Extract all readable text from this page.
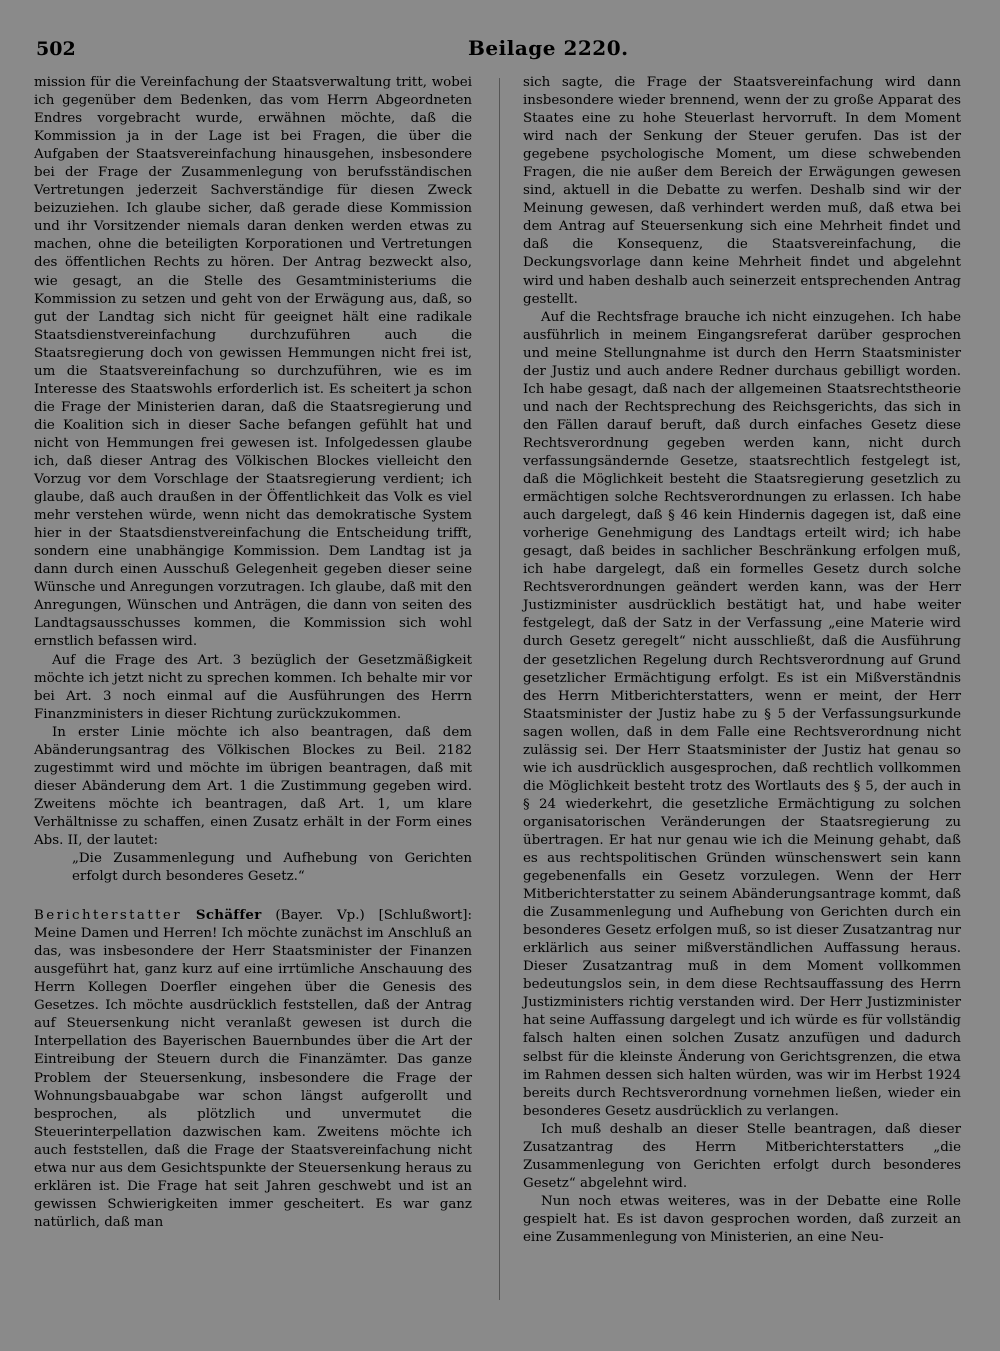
502	Beilage 2220.

mission für die Vereinfachung der Staatsverwaltung tritt, wobei ich gegenüber dem Bedenken, das vom Herrn Abgeordneten Endres vorgebracht wurde, erwähnen möchte, daß die Kommission ja in der Lage ist bei Fragen, die über die Aufgaben der Staatsvereinfachung hinausgehen, insbesondere bei der Frage der Zusammenlegung von berufsständischen Vertretungen jederzeit Sachverständige für diesen Zweck beizuziehen. Ich glaube sicher, daß gerade diese Kommission und ihr Vorsitzender niemals daran denken werden etwas zu machen, ohne die beteiligten Korporationen und Vertretungen des öffentlichen Rechts zu hören. Der Antrag bezweckt also, wie gesagt, an die Stelle des Gesamtministeriums die Kommission zu setzen und geht von der Erwägung aus, daß, so gut der Landtag sich nicht für geeignet hält eine radikale Staatsdienstvereinfachung durchzuführen auch die Staatsregierung doch von gewissen Hemmungen nicht frei ist, um die Staatsvereinfachung so durchzuführen, wie es im Interesse des Staatswohls erforderlich ist. Es scheitert ja schon die Frage der Ministerien daran, daß die Staatsregierung und die Koalition sich in dieser Sache befangen gefühlt hat und nicht von Hemmungen frei gewesen ist. Infolgedessen glaube ich, daß dieser Antrag des Völkischen Blockes vielleicht den Vorzug vor dem Vorschlage der Staatsregierung verdient; ich glaube, daß auch draußen in der Öffentlichkeit das Volk es viel mehr verstehen würde, wenn nicht das demokratische System hier in der Staatsdienstvereinfachung die Entscheidung trifft, sondern eine unabhängige Kommission. Dem Landtag ist ja dann durch einen Ausschuß Gelegenheit gegeben dieser seine Wünsche und Anregungen vorzutragen. Ich glaube, daß mit den Anregungen, Wünschen und Anträgen, die dann von seiten des Landtagsausschusses kommen, die Kommission sich wohl ernstlich befassen wird.

Auf die Frage des Art. 3 bezüglich der Gesetzmäßigkeit möchte ich jetzt nicht zu sprechen kommen. Ich behalte mir vor bei Art. 3 noch einmal auf die Ausführungen des Herrn Finanzministers in dieser Richtung zurückzukommen.

In erster Linie möchte ich also beantragen, daß dem Abänderungsantrag des Völkischen Blockes zu Beil. 2182 zugestimmt wird und möchte im übrigen beantragen, daß mit dieser Abänderung dem Art. 1 die Zustimmung gegeben wird. Zweitens möchte ich beantragen, daß Art. 1, um klare Verhältnisse zu schaffen, einen Zusatz erhält in der Form eines Abs. II, der lautet:

„Die Zusammenlegung und Aufhebung von Gerichten erfolgt durch besonderes Gesetz.“

Berichterstatter Schäffer (Bayer. Vp.) [Schlußwort]: Meine Damen und Herren! Ich möchte zunächst im Anschluß an das, was insbesondere der Herr Staatsminister der Finanzen ausgeführt hat, ganz kurz auf eine irrtümliche Anschauung des Herrn Kollegen Doerfler eingehen über die Genesis des Gesetzes. Ich möchte ausdrücklich feststellen, daß der Antrag auf Steuersenkung nicht veranlaßt gewesen ist durch die Interpellation des Bayerischen Bauernbundes über die Art der Eintreibung der Steuern durch die Finanzämter. Das ganze Problem der Steuersenkung, insbesondere die Frage der Wohnungsbauabgabe war schon längst aufgerollt und besprochen, als plötzlich und unvermutet die Steuerinterpellation dazwischen kam. Zweitens möchte ich auch feststellen, daß die Frage der Staatsvereinfachung nicht etwa nur aus dem Gesichtspunkte der Steuersenkung heraus zu erklären ist. Die Frage hat seit Jahren geschwebt und ist an gewissen Schwierigkeiten immer gescheitert. Es war ganz natürlich, daß man

sich sagte, die Frage der Staatsvereinfachung wird dann insbesondere wieder brennend, wenn der zu große Apparat des Staates eine zu hohe Steuerlast hervorruft. In dem Moment wird nach der Senkung der Steuer gerufen. Das ist der gegebene psychologische Moment, um diese schwebenden Fragen, die nie außer dem Bereich der Erwägungen gewesen sind, aktuell in die Debatte zu werfen. Deshalb sind wir der Meinung gewesen, daß verhindert werden muß, daß etwa bei dem Antrag auf Steuersenkung sich eine Mehrheit findet und daß die Konsequenz, die Staatsvereinfachung, die Deckungsvorlage dann keine Mehrheit findet und abgelehnt wird und haben deshalb auch seinerzeit entsprechenden Antrag gestellt.

Auf die Rechtsfrage brauche ich nicht einzugehen. Ich habe ausführlich in meinem Eingangsreferat darüber gesprochen und meine Stellungnahme ist durch den Herrn Staatsminister der Justiz und auch andere Redner durchaus gebilligt worden. Ich habe gesagt, daß nach der allgemeinen Staatsrechtstheorie und nach der Rechtsprechung des Reichsgerichts, das sich in den Fällen darauf beruft, daß durch einfaches Gesetz diese Rechtsverordnung gegeben werden kann, nicht durch verfassungsändernde Gesetze, staatsrechtlich festgelegt ist, daß die Möglichkeit besteht die Staatsregierung gesetzlich zu ermächtigen solche Rechtsverordnungen zu erlassen. Ich habe auch dargelegt, daß § 46 kein Hindernis dagegen ist, daß eine vorherige Genehmigung des Landtags erteilt wird; ich habe gesagt, daß beides in sachlicher Beschränkung erfolgen muß, ich habe dargelegt, daß ein formelles Gesetz durch solche Rechtsverordnungen geändert werden kann, was der Herr Justizminister ausdrücklich bestätigt hat, und habe weiter festgelegt, daß der Satz in der Verfassung „eine Materie wird durch Gesetz geregelt“ nicht ausschließt, daß die Ausführung der gesetzlichen Regelung durch Rechtsverordnung auf Grund gesetzlicher Ermächtigung erfolgt. Es ist ein Mißverständnis des Herrn Mitberichterstatters, wenn er meint, der Herr Staatsminister der Justiz habe zu § 5 der Verfassungsurkunde sagen wollen, daß in dem Falle eine Rechtsverordnung nicht zulässig sei. Der Herr Staatsminister der Justiz hat genau so wie ich ausdrücklich ausgesprochen, daß rechtlich vollkommen die Möglichkeit besteht trotz des Wortlauts des § 5, der auch in § 24 wiederkehrt, die gesetzliche Ermächtigung zu solchen organisatorischen Veränderungen der Staatsregierung zu übertragen. Er hat nur genau wie ich die Meinung gehabt, daß es aus rechtspolitischen Gründen wünschenswert sein kann gegebenenfalls ein Gesetz vorzulegen. Wenn der Herr Mitberichterstatter zu seinem Abänderungsantrage kommt, daß die Zusammenlegung und Aufhebung von Gerichten durch ein besonderes Gesetz erfolgen muß, so ist dieser Zusatzantrag nur erklärlich aus seiner mißverständlichen Auffassung heraus. Dieser Zusatzantrag muß in dem Moment vollkommen bedeutungslos sein, in dem diese Rechtsauffassung des Herrn Justizministers richtig verstanden wird. Der Herr Justizminister hat seine Auffassung dargelegt und ich würde es für vollständig falsch halten einen solchen Zusatz anzufügen und dadurch selbst für die kleinste Änderung von Gerichtsgrenzen, die etwa im Rahmen dessen sich halten würden, was wir im Herbst 1924 bereits durch Rechtsverordnung vornehmen ließen, wieder ein besonderes Gesetz ausdrücklich zu verlangen.

Ich muß deshalb an dieser Stelle beantragen, daß dieser Zusatzantrag des Herrn Mitberichterstatters „die Zusammenlegung von Gerichten erfolgt durch besonderes Gesetz“ abgelehnt wird.

Nun noch etwas weiteres, was in der Debatte eine Rolle gespielt hat. Es ist davon gesprochen worden, daß zurzeit an eine Zusammenlegung von Ministerien, an eine Neu-
